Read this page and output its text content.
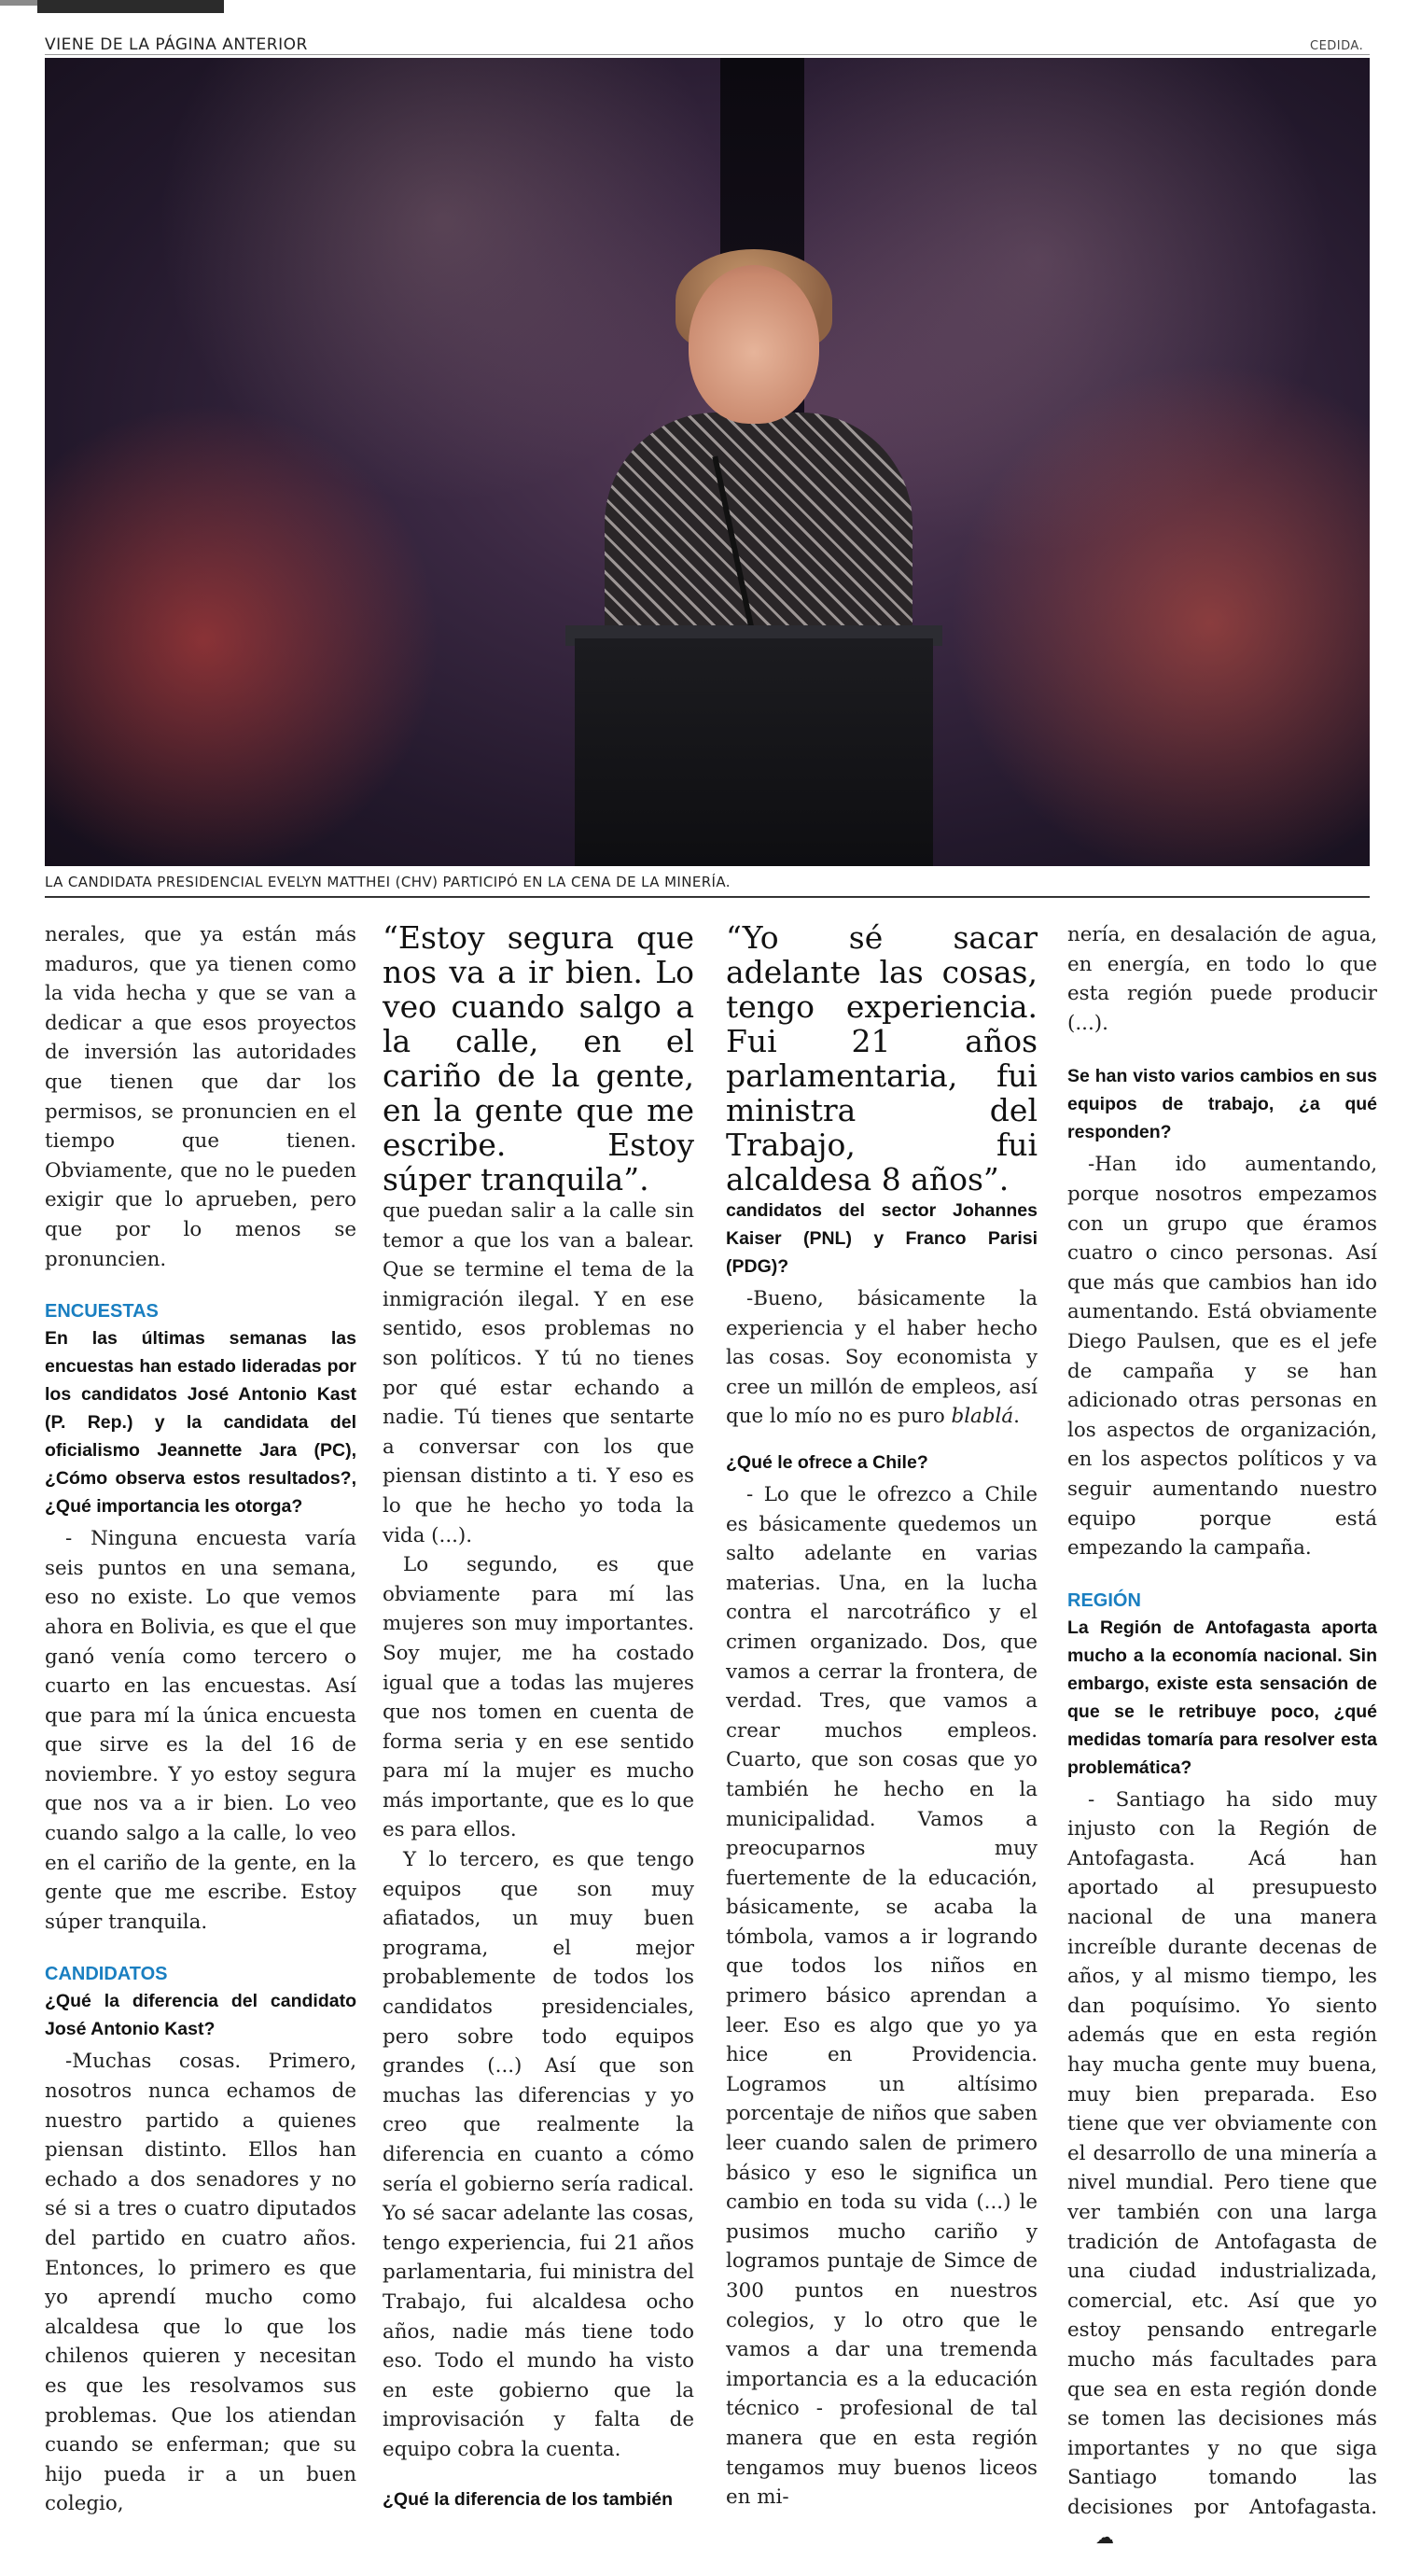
VIENE DE LA PÁGINA ANTERIOR	CEDIDA.
LA CANDIDATA PRESIDENCIAL EVELYN MATTHEI (CHV) PARTICIPÓ EN LA CENA DE LA MINERÍA.

nerales, que ya están más maduros, que ya tienen como la vida hecha y que se van a dedicar a que esos proyectos de inversión las autoridades que tienen que dar los permisos, se pronuncien en el tiempo que tienen. Obviamente, que no le pueden exigir que lo aprueben, pero que por lo menos se pronuncien.

ENCUESTAS

En las últimas semanas las encuestas han estado lideradas por los candidatos José Antonio Kast (P. Rep.) y la candidata del oficialismo Jeannette Jara (PC), ¿Cómo observa estos resultados?, ¿Qué importancia les otorga?

- Ninguna encuesta varía seis puntos en una semana, eso no existe. Lo que vemos ahora en Bolivia, es que el que ganó venía como tercero o cuarto en las encuestas. Así que para mí la única encuesta que sirve es la del 16 de noviembre. Y yo estoy segura que nos va a ir bien. Lo veo cuando salgo a la calle, lo veo en el cariño de la gente, en la gente que me escribe. Estoy súper tranquila.

CANDIDATOS

¿Qué la diferencia del candidato José Antonio Kast?

-Muchas cosas. Primero, nosotros nunca echamos de nuestro partido a quienes piensan distinto. Ellos han echado a dos senadores y no sé si a tres o cuatro diputados del partido en cuatro años. Entonces, lo primero es que yo aprendí mucho como alcaldesa que lo que los chilenos quieren y necesitan es que les resolvamos sus problemas. Que los atiendan cuando se enferman; que su hijo pueda ir a un buen colegio,

“Estoy segura que nos va a ir bien. Lo veo cuando salgo a la calle, en el cariño de la gente, en la gente que me escribe. Estoy súper tranquila”.

que puedan salir a la calle sin temor a que los van a balear. Que se termine el tema de la inmigración ilegal. Y en ese sentido, esos problemas no son políticos. Y tú no tienes por qué estar echando a nadie. Tú tienes que sentarte a conversar con los que piensan distinto a ti. Y eso es lo que he hecho yo toda la vida (...).

Lo segundo, es que obviamente para mí las mujeres son muy importantes. Soy mujer, me ha costado igual que a todas las mujeres que nos tomen en cuenta de forma seria y en ese sentido para mí la mujer es mucho más importante, que es lo que es para ellos.

Y lo tercero, es que tengo equipos que son muy afiatados, un muy buen programa, el mejor probablemente de todos los candidatos presidenciales, pero sobre todo equipos grandes (...) Así que son muchas las diferencias y yo creo que realmente la diferencia en cuanto a cómo sería el gobierno sería radical. Yo sé sacar adelante las cosas, tengo experiencia, fui 21 años parlamentaria, fui ministra del Trabajo, fui alcaldesa ocho años, nadie más tiene todo eso. Todo el mundo ha visto en este gobierno que la improvisación y falta de equipo cobra la cuenta.

¿Qué la diferencia de los también

“Yo sé sacar adelante las cosas, tengo experiencia. Fui 21 años parlamentaria, fui ministra del Trabajo, fui alcaldesa 8 años”.

candidatos del sector Johannes Kaiser (PNL) y Franco Parisi (PDG)?

-Bueno, básicamente la experiencia y el haber hecho las cosas. Soy economista y cree un millón de empleos, así que lo mío no es puro blablá.

¿Qué le ofrece a Chile?

- Lo que le ofrezco a Chile es básicamente quedemos un salto adelante en varias materias. Una, en la lucha contra el narcotráfico y el crimen organizado. Dos, que vamos a cerrar la frontera, de verdad. Tres, que vamos a crear muchos empleos. Cuarto, que son cosas que yo también he hecho en la municipalidad. Vamos a preocuparnos muy fuertemente de la educación, básicamente, se acaba la tómbola, vamos a ir logrando que todos los niños en primero básico aprendan a leer. Eso es algo que yo ya hice en Providencia. Logramos un altísimo porcentaje de niños que saben leer cuando salen de primero básico y eso le significa un cambio en toda su vida (...) le pusimos mucho cariño y logramos puntaje de Simce de 300 puntos en nuestros colegios, y lo otro que le vamos a dar una tremenda importancia es a la educación técnico - profesional de tal manera que en esta región tengamos muy buenos liceos en mi-

nería, en desalación de agua, en energía, en todo lo que esta región puede producir (...).

Se han visto varios cambios en sus equipos de trabajo, ¿a qué responden?

-Han ido aumentando, porque nosotros empezamos con un grupo que éramos cuatro o cinco personas. Así que más que cambios han ido aumentando. Está obviamente Diego Paulsen, que es el jefe de campaña y se han adicionado otras personas en los aspectos de organización, en los aspectos políticos y va seguir aumentando nuestro equipo porque está empezando la campaña.

REGIÓN

La Región de Antofagasta aporta mucho a la economía nacional. Sin embargo, existe esta sensación de que se le retribuye poco, ¿qué medidas tomaría para resolver esta problemática?

- Santiago ha sido muy injusto con la Región de Antofagasta. Acá han aportado al presupuesto nacional de una manera increíble durante decenas de años, y al mismo tiempo, les dan poquísimo. Yo siento además que en esta región hay mucha gente muy buena, muy bien preparada. Eso tiene que ver obviamente con el desarrollo de una minería a nivel mundial. Pero tiene que ver también con una larga tradición de Antofagasta de una ciudad industrializada, comercial, etc. Así que yo estoy pensando entregarle mucho más facultades para que sea en esta región donde se tomen las decisiones más importantes y no que siga Santiago tomando las decisiones por Antofagasta.☁
